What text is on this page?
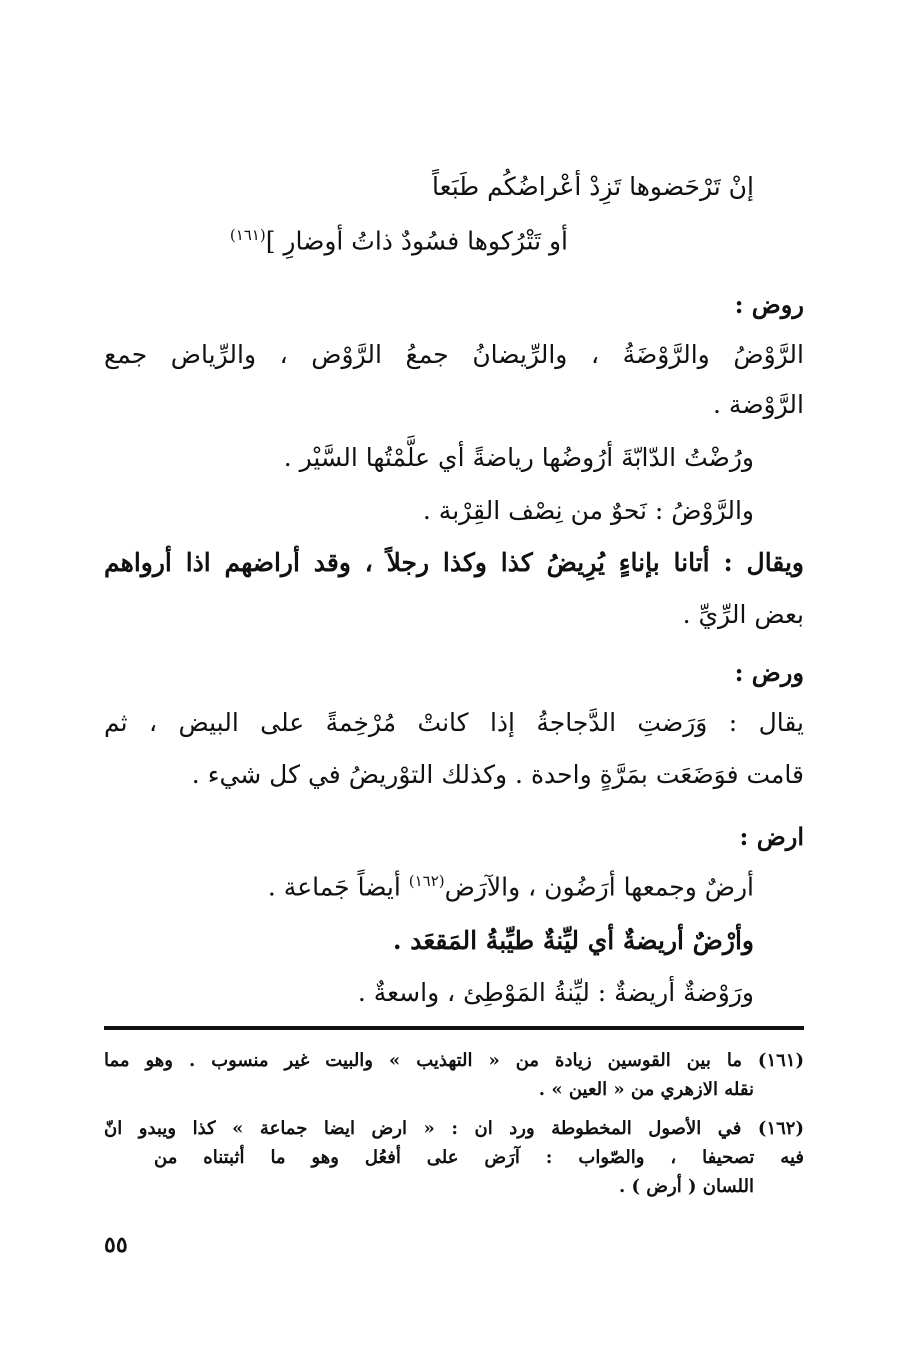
إنْ تَرْحَضوها تَزِدْ أعْراضُكُم طَبَعاً
أو تَتْرُكوها فسُودٌ ذاتُ أوضارِ ]$^{(١٦١)}$
روض :
الرَّوْضُ والرَّوْضَةُ ، والرِّيضانُ جمعُ الرَّوْض ، والرِّياض جمع
الرَّوْضة .
ورُضْتُ الدّابّةَ أرُوضُها رياضةً أي علَّمْتُها السَّيْر .
والرَّوْضُ : نَحوٌ من نِصْف القِرْبة .
ويقال : أتانا بإناءٍ يُرِيضُ كذا وكذا رجلاً ، وقد أراضهم اذا أرواهم
بعض الرِّيِّ .
ورض :
يقال : وَرَضتِ الدَّجاجةُ إذا كانتْ مُرْخِمةً على البيض ، ثم
قامت فوَضَعَت بمَرَّةٍ واحدة . وكذلك التوْريضُ في كل شيء .
ارض :
أرضٌ وجمعها أرَضُون ، والآرَض$^{(١٦٢)}$ أيضاً جَماعة .
وأرْضٌ أريضةٌ أي ليِّنةٌ طيِّبةُ المَقعَد .
ورَوْضةٌ أريضةٌ : ليِّنةُ المَوْطِئ ، واسعةٌ .
(١٦١) ما بين القوسين زيادة من « التهذيب » والبيت غير منسوب . وهو مما
نقله الازهري من « العين » .
(١٦٢) في الأصول المخطوطة ورد ان : « ارض ايضا جماعة » كذا ويبدو انّ
فيه تصحيفا ، والصّواب : آرَض على أفعُل وهو ما أثبتناه من
اللسان ( أرض ) .
٥٥
